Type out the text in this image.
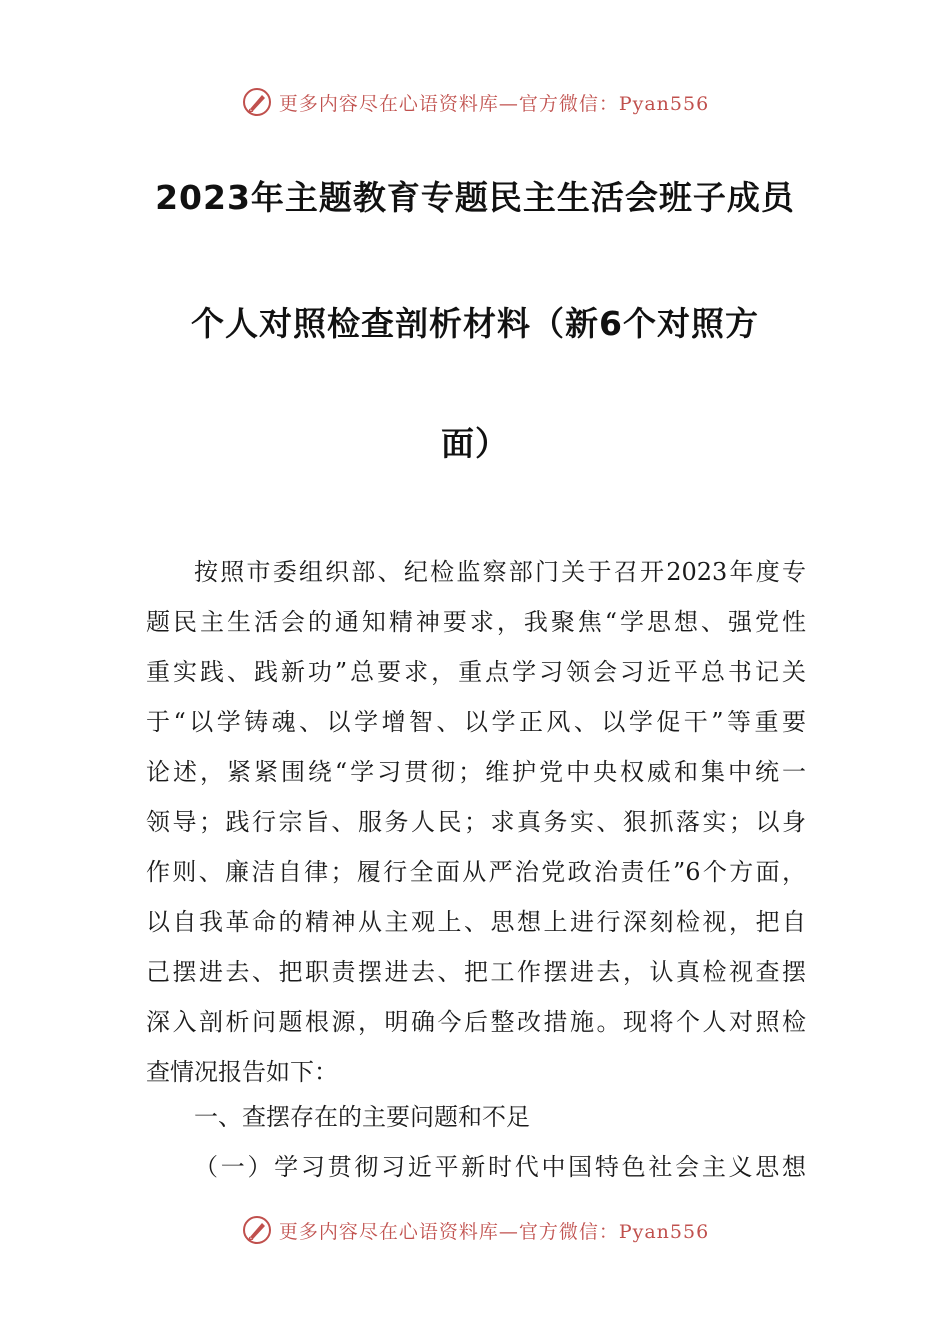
更多内容尽在心语资料库—官方微信：Pyan556
2023年主题教育专题民主生活会班子成员
个人对照检查剖析材料（新6个对照方
面）
按照市委组织部、纪检监察部门关于召开2023年度专
题民主生活会的通知精神要求，我聚焦“学思想、强党性
重实践、践新功”总要求，重点学习领会习近平总书记关
于“以学铸魂、以学增智、以学正风、以学促干”等重要
论述，紧紧围绕“学习贯彻；维护党中央权威和集中统一
领导；践行宗旨、服务人民；求真务实、狠抓落实；以身
作则、廉洁自律；履行全面从严治党政治责任”6个方面，
以自我革命的精神从主观上、思想上进行深刻检视，把自
己摆进去、把职责摆进去、把工作摆进去，认真检视查摆
深入剖析问题根源，明确今后整改措施。现将个人对照检
查情况报告如下：
一、查摆存在的主要问题和不足
（一）学习贯彻习近平新时代中国特色社会主义思想
更多内容尽在心语资料库—官方微信：Pyan556
